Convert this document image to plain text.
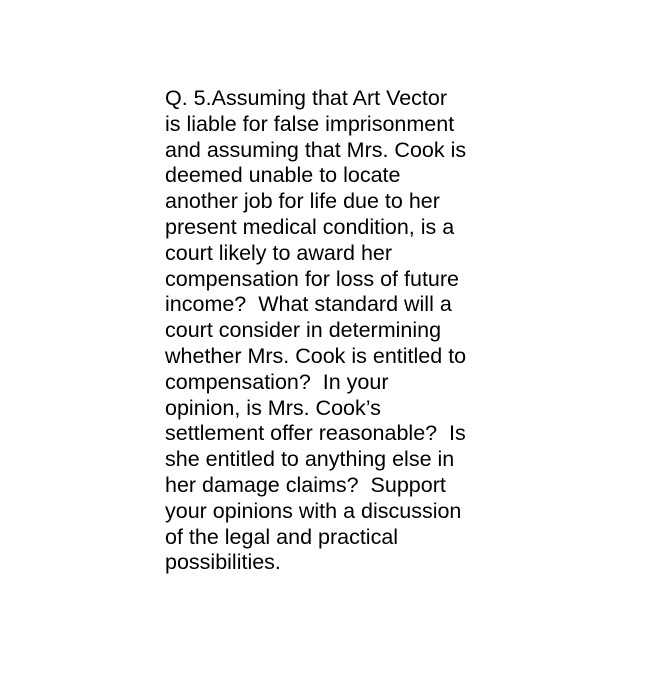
Q. 5.Assuming that Art Vector
is liable for false imprisonment
and assuming that Mrs. Cook is
deemed unable to locate
another job for life due to her
present medical condition, is a
court likely to award her
compensation for loss of future
income?  What standard will a
court consider in determining
whether Mrs. Cook is entitled to
compensation?  In your
opinion, is Mrs. Cook’s
settlement offer reasonable?  Is
she entitled to anything else in
her damage claims?  Support
your opinions with a discussion
of the legal and practical
possibilities.
